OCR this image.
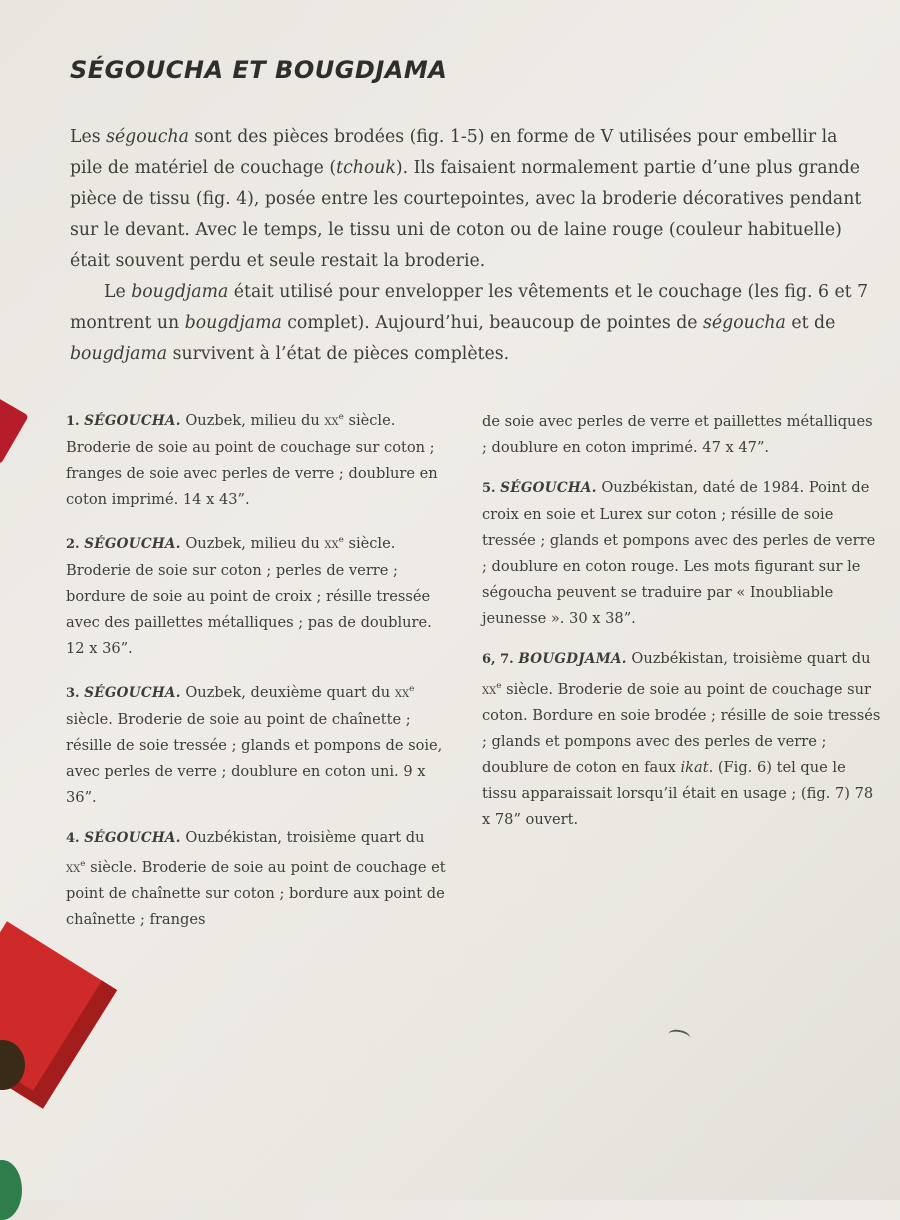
SÉGOUCHA ET BOUGDJAMA

Les ségoucha sont des pièces brodées (fig. 1-5) en forme de V utilisées pour embellir la pile de matériel de couchage (tchouk). Ils faisaient normalement partie d’une plus grande pièce de tissu (fig. 4), posée entre les courtepointes, avec la broderie décoratives pendant sur le devant. Avec le temps, le tissu uni de coton ou de laine rouge (couleur habituelle) était souvent perdu et seule restait la broderie.

Le bougdjama était utilisé pour envelopper les vêtements et le couchage (les fig. 6 et 7 montrent un bougdjama complet). Aujourd’hui, beaucoup de pointes de ségoucha et de bougdjama survivent à l’état de pièces complètes.

1. SÉGOUCHA. Ouzbek, milieu du $xx^e$ siècle. Broderie de soie au point de couchage sur coton ; franges de soie avec perles de verre ; doublure en coton imprimé. 14 x 43”.

2. SÉGOUCHA. Ouzbek, milieu du $xx^e$ siècle. Broderie de soie sur coton ; perles de verre ; bordure de soie au point de croix ; résille tressée avec des paillettes métalliques ; pas de doublure. 12 x 36”.

3. SÉGOUCHA. Ouzbek, deuxième quart du $xx^e$ siècle. Broderie de soie au point de chaînette ; résille de soie tressée ; glands et pompons de soie, avec perles de verre ; doublure en coton uni. 9 x 36”.

4. SÉGOUCHA. Ouzbékistan, troisième quart du $xx^e$ siècle. Broderie de soie au point de couchage et point de chaînette sur coton ; bordure aux point de chaînette ; franges

de soie avec perles de verre et paillettes métalliques ; doublure en coton imprimé. 47 x 47”.

5. SÉGOUCHA. Ouzbékistan, daté de 1984. Point de croix en soie et Lurex sur coton ; résille de soie tressée ; glands et pompons avec des perles de verre ; doublure en coton rouge. Les mots figurant sur le ségoucha peuvent se traduire par « Inoubliable jeunesse ». 30 x 38”.

6, 7. BOUGDJAMA. Ouzbékistan, troisième quart du $xx^e$ siècle. Broderie de soie au point de couchage sur coton. Bordure en soie brodée ; résille de soie tressés ; glands et pompons avec des perles de verre ; doublure de coton en faux ikat. (Fig. 6) tel que le tissu apparaissait lorsqu’il était en usage ; (fig. 7) 78 x 78” ouvert.
